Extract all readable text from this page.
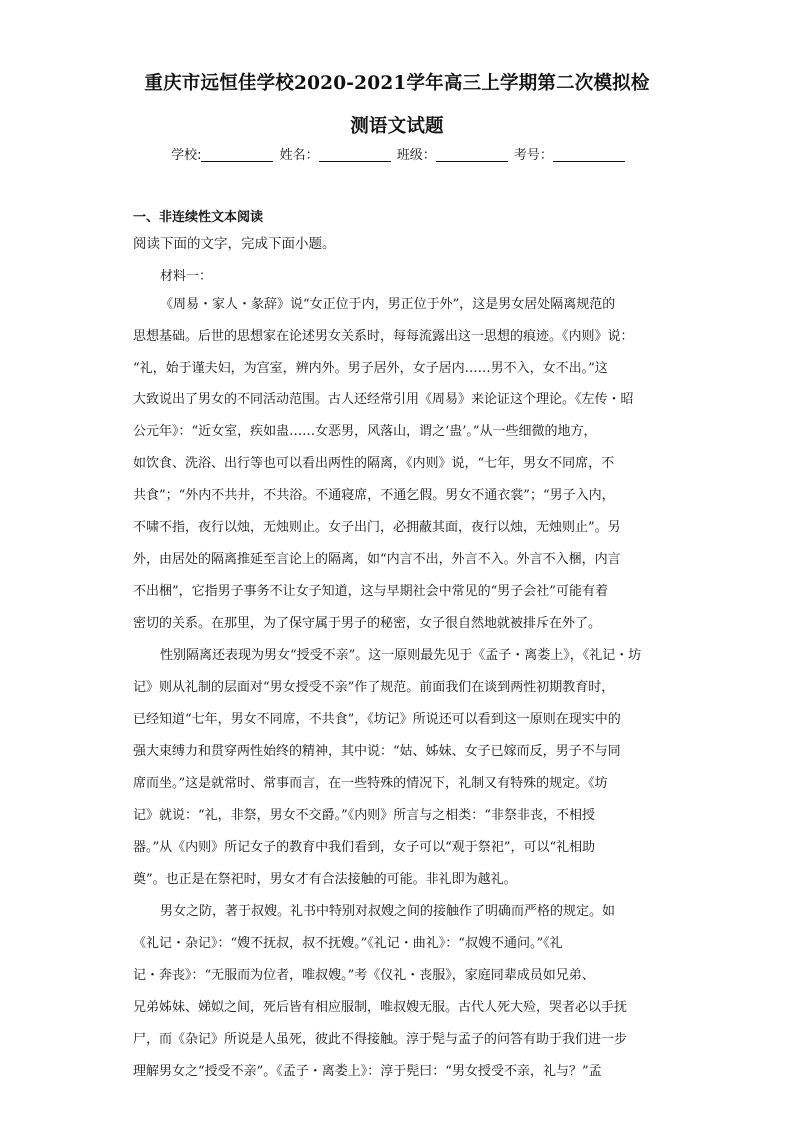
重庆市远恒佳学校2020-2021学年高三上学期第二次模拟检
测语文试题
学校:	姓名：	班级：	考号：
一、非连续性文本阅读
阅读下面的文字，完成下面小题。
材料一：
《周易・家人・彖辞》说“女正位于内，男正位于外”，这是男女居处隔离规范的
思想基础。后世的思想家在论述男女关系时，每每流露出这一思想的痕迹。《内则》说：
“礼，始于谨夫妇，为宫室，辨内外。男子居外，女子居内……男不入，女不出。”这
大致说出了男女的不同活动范围。古人还经常引用《周易》来论证这个理论。《左传・昭
公元年》：“近女室，疾如蛊……女恶男，风落山，谓之‘蛊’。”从一些细微的地方，
如饮食、洗浴、出行等也可以看出两性的隔离，《内则》说，“七年，男女不同席，不
共食”；“外内不共井，不共浴。不通寝席，不通乞假。男女不通衣裳”；“男子入内，
不啸不指，夜行以烛，无烛则止。女子出门，必拥蔽其面，夜行以烛，无烛则止”。另
外，由居处的隔离推延至言论上的隔离，如“内言不出，外言不入。外言不入梱，内言
不出梱”，它指男子事务不让女子知道，这与早期社会中常见的“男子会社”可能有着
密切的关系。在那里，为了保守属于男子的秘密，女子很自然地就被排斥在外了。
性别隔离还表现为男女“授受不亲”。这一原则最先见于《孟子・离娄上》，《礼记・坊
记》则从礼制的层面对“男女授受不亲”作了规范。前面我们在谈到两性初期教育时，
已经知道“七年，男女不同席，不共食”，《坊记》所说还可以看到这一原则在现实中的
强大束缚力和贯穿两性始终的精神，其中说：“姑、姊妹、女子已嫁而反，男子不与同
席而坐。”这是就常时、常事而言，在一些特殊的情况下，礼制又有特殊的规定。《坊
记》就说：“礼，非祭，男女不交爵。”《内则》所言与之相类：“非祭非丧，不相授
器。”从《内则》所记女子的教育中我们看到，女子可以“观于祭祀”，可以“礼相助
奠”。也正是在祭祀时，男女才有合法接触的可能。非礼即为越礼。
男女之防，著于叔嫂。礼书中特别对叔嫂之间的接触作了明确而严格的规定。如
《礼记・杂记》：“嫂不抚叔，叔不抚嫂。”《礼记・曲礼》：“叔嫂不通问。”《礼
记・奔丧》：“无服而为位者，唯叔嫂。”考《仪礼・丧服》，家庭同辈成员如兄弟、
兄弟姊妹、娣姒之间，死后皆有相应服制，唯叔嫂无服。古代人死大殓，哭者必以手抚
尸，而《杂记》所说是人虽死，彼此不得接触。淳于髡与孟子的问答有助于我们进一步
理解男女之“授受不亲”。《孟子・离娄上》：淳于髡曰：“男女授受不亲，礼与？”孟
